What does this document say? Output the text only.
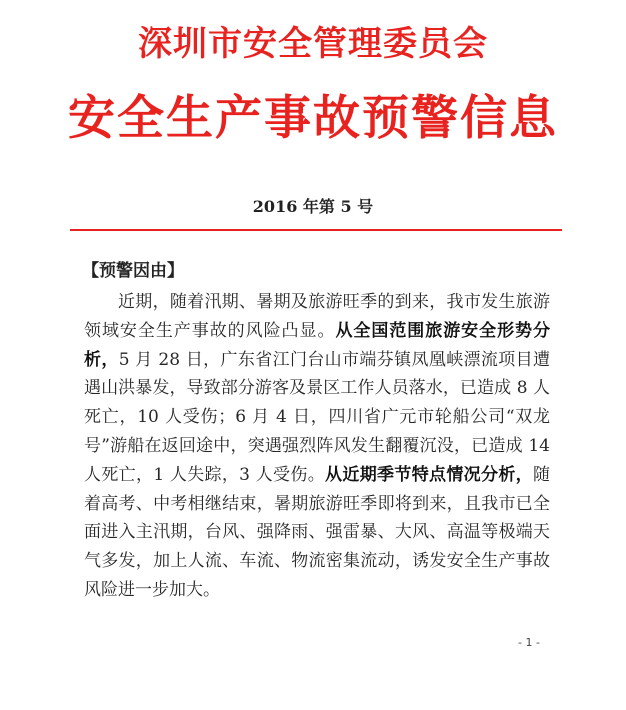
深圳市安全管理委员会
安全生产事故预警信息
2016 年第 5 号
【预警因由】

近期，随着汛期、暑期及旅游旺季的到来，我市发生旅游领域安全生产事故的风险凸显。从全国范围旅游安全形势分析，5 月 28 日，广东省江门台山市端芬镇凤凰峡漂流项目遭遇山洪暴发，导致部分游客及景区工作人员落水，已造成 8 人死亡，10 人受伤；6 月 4 日，四川省广元市轮船公司“双龙号”游船在返回途中，突遇强烈阵风发生翻覆沉没，已造成 14 人死亡，1 人失踪，3 人受伤。从近期季节特点情况分析，随着高考、中考相继结束，暑期旅游旺季即将到来，且我市已全面进入主汛期，台风、强降雨、强雷暴、大风、高温等极端天气多发，加上人流、车流、物流密集流动，诱发安全生产事故风险进一步加大。

- 1 -
